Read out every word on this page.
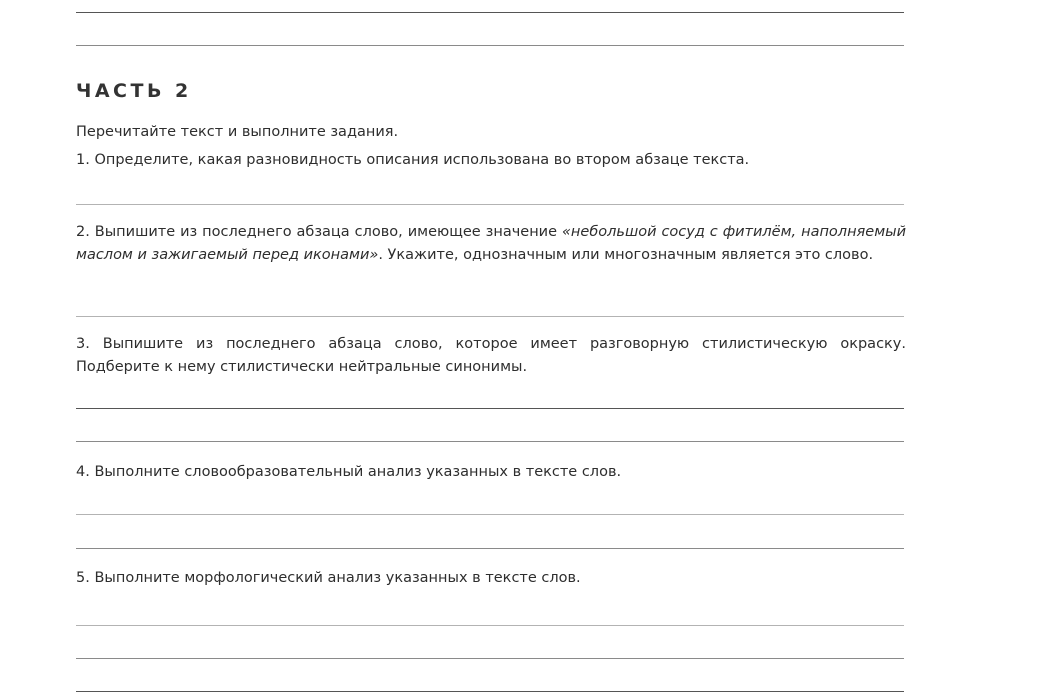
ЧАСТЬ 2
Перечитайте текст и выполните задания.
1. Определите, какая разновидность описания использована во втором абзаце текста.
2. Выпишите из последнего абзаца слово, имеющее значение «небольшой сосуд с фитилём, наполняемый маслом и зажигаемый перед иконами». Укажите, однозначным или многозначным является это слово.
3. Выпишите из последнего абзаца слово, которое имеет разговорную стилистическую окраску. Подберите к нему стилистически нейтральные синонимы.
4. Выполните словообразовательный анализ указанных в тексте слов.
5. Выполните морфологический анализ указанных в тексте слов.
